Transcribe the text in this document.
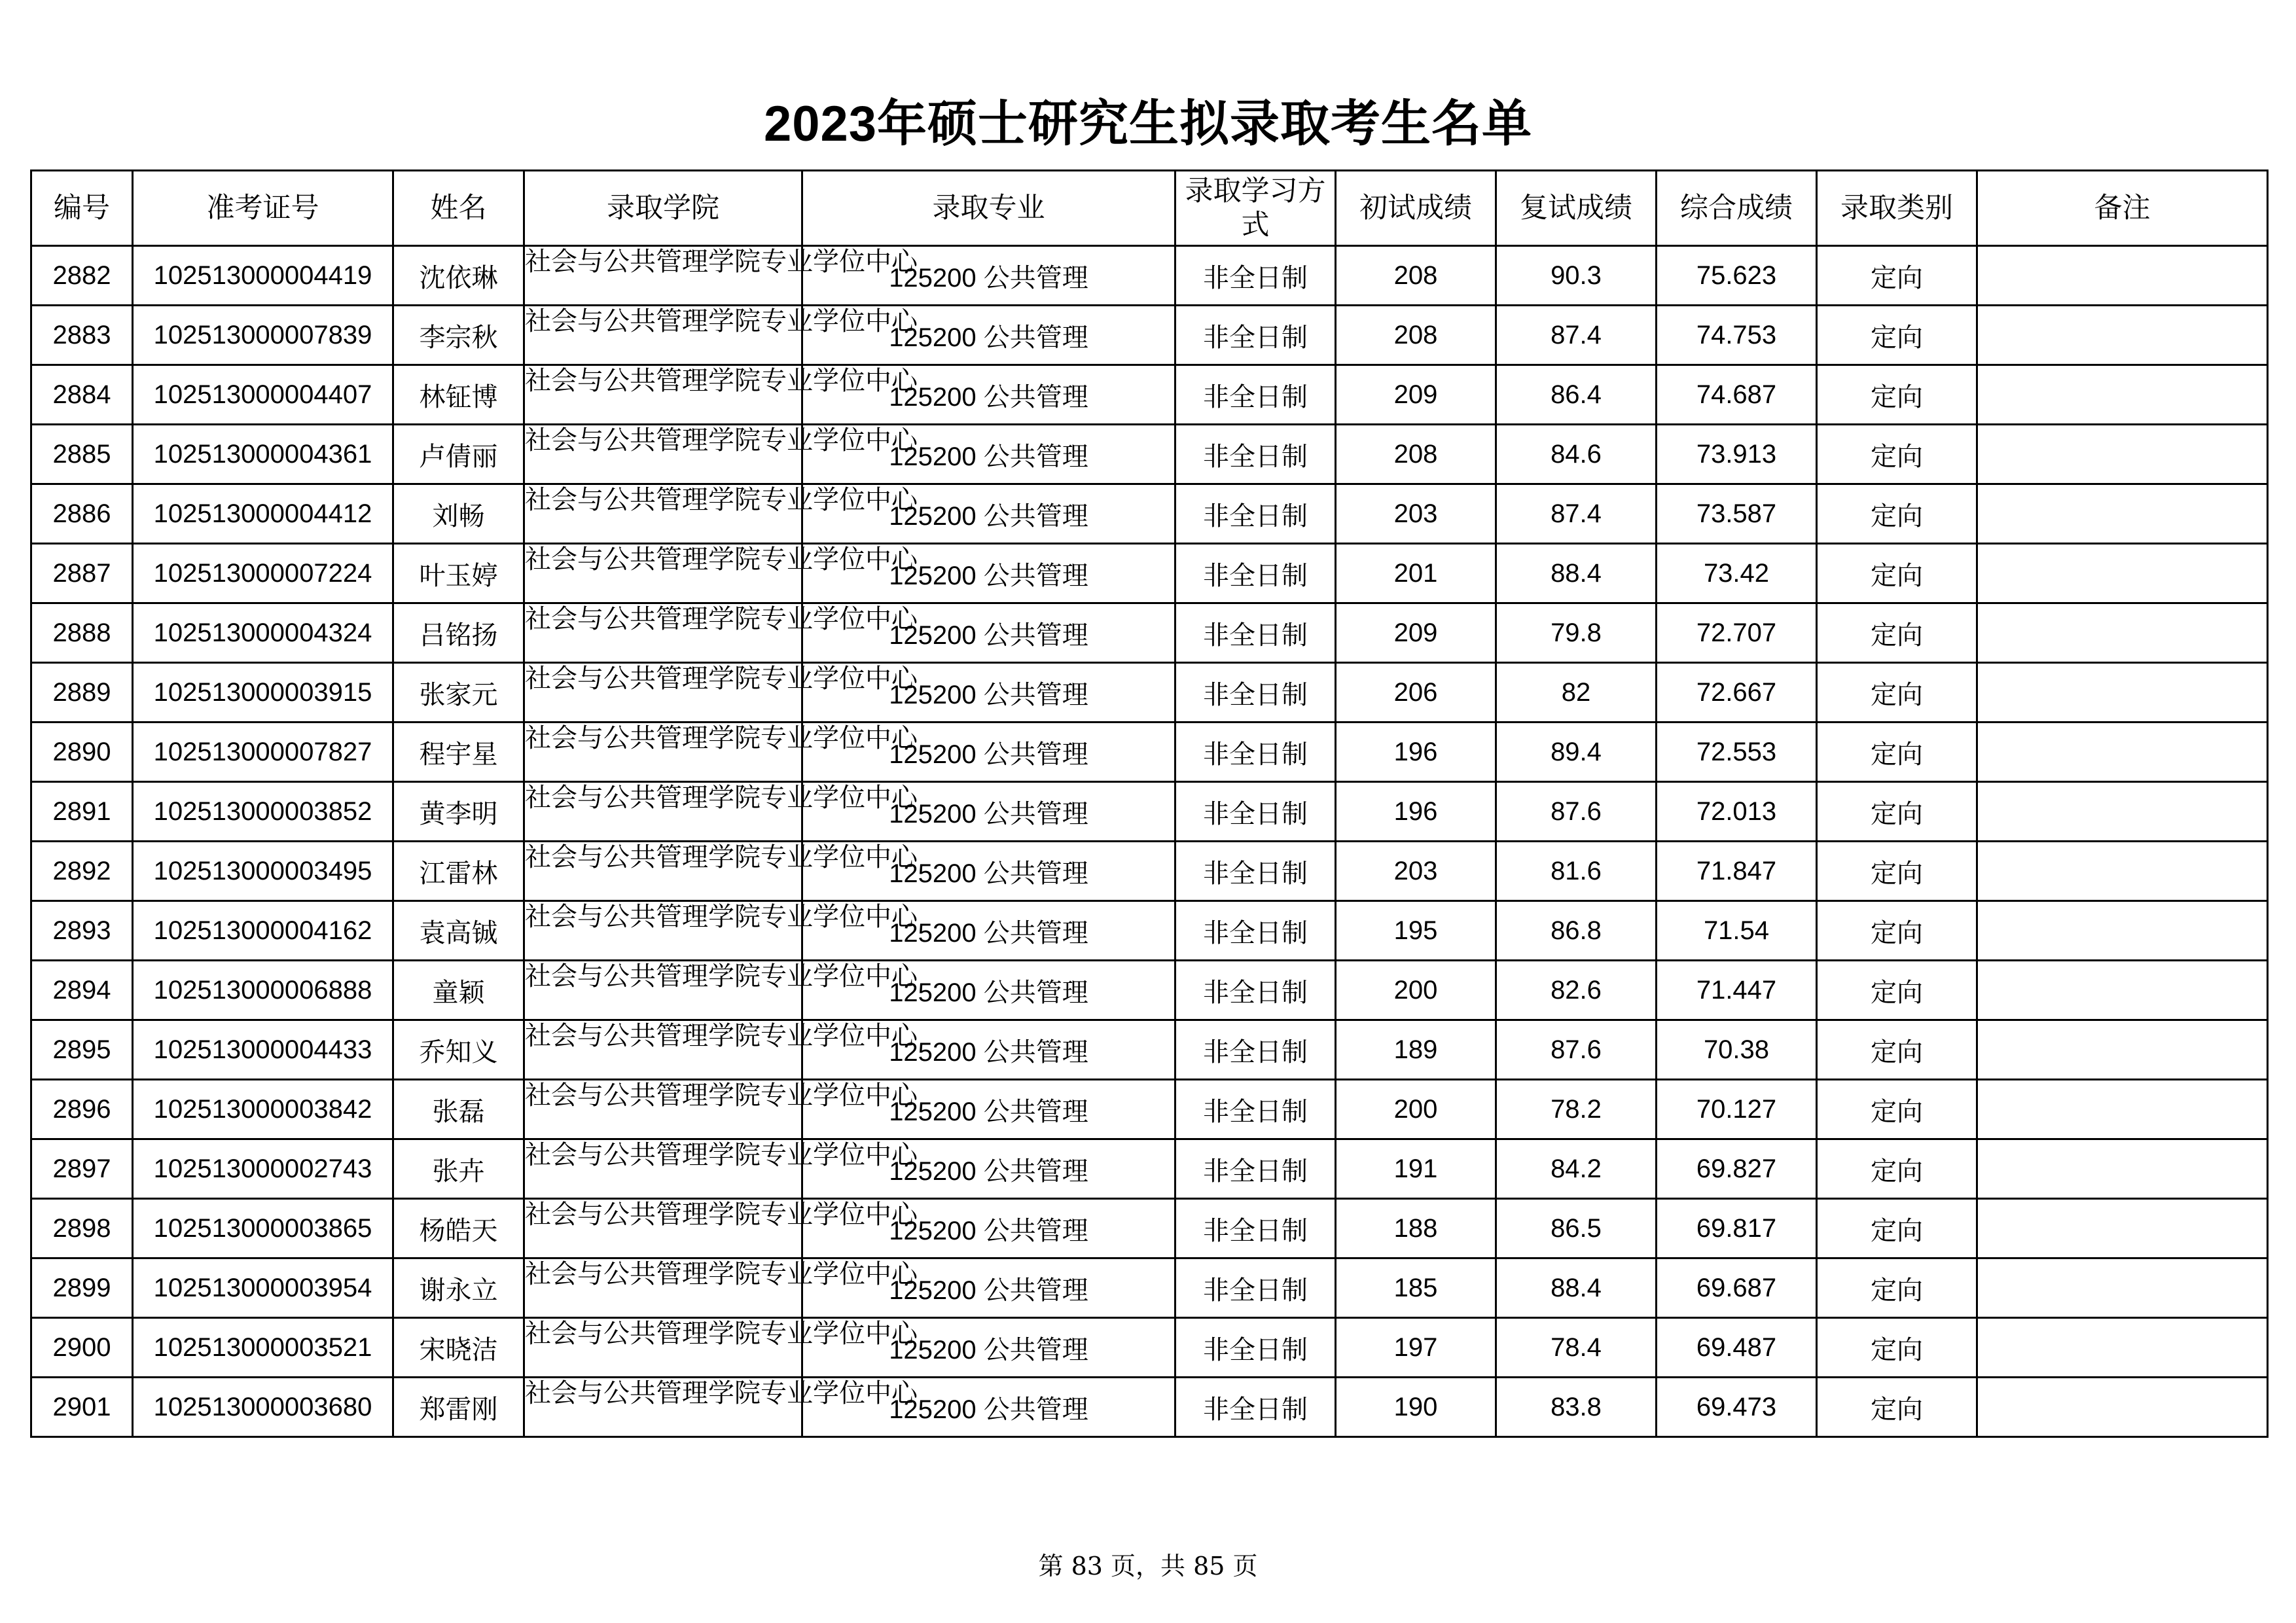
2023年硕士研究生拟录取考生名单
编号	准考证号	姓名	录取学院	录取专业	录取学习方式	初试成绩	复试成绩	综合成绩	录取类别	备注
2882	102513000004419	沈依琳	社会与公共管理学院专业学位中心	125200 公共管理	非全日制	208	90.3	75.623	定向	
2883	102513000007839	李宗秋	社会与公共管理学院专业学位中心	125200 公共管理	非全日制	208	87.4	74.753	定向	
2884	102513000004407	林钲博	社会与公共管理学院专业学位中心	125200 公共管理	非全日制	209	86.4	74.687	定向	
2885	102513000004361	卢倩丽	社会与公共管理学院专业学位中心	125200 公共管理	非全日制	208	84.6	73.913	定向	
2886	102513000004412	刘畅	社会与公共管理学院专业学位中心	125200 公共管理	非全日制	203	87.4	73.587	定向	
2887	102513000007224	叶玉婷	社会与公共管理学院专业学位中心	125200 公共管理	非全日制	201	88.4	73.42	定向	
2888	102513000004324	吕铭扬	社会与公共管理学院专业学位中心	125200 公共管理	非全日制	209	79.8	72.707	定向	
2889	102513000003915	张家元	社会与公共管理学院专业学位中心	125200 公共管理	非全日制	206	82	72.667	定向	
2890	102513000007827	程宇星	社会与公共管理学院专业学位中心	125200 公共管理	非全日制	196	89.4	72.553	定向	
2891	102513000003852	黄李明	社会与公共管理学院专业学位中心	125200 公共管理	非全日制	196	87.6	72.013	定向	
2892	102513000003495	江雷林	社会与公共管理学院专业学位中心	125200 公共管理	非全日制	203	81.6	71.847	定向	
2893	102513000004162	袁高铖	社会与公共管理学院专业学位中心	125200 公共管理	非全日制	195	86.8	71.54	定向	
2894	102513000006888	童颖	社会与公共管理学院专业学位中心	125200 公共管理	非全日制	200	82.6	71.447	定向	
2895	102513000004433	乔知义	社会与公共管理学院专业学位中心	125200 公共管理	非全日制	189	87.6	70.38	定向	
2896	102513000003842	张磊	社会与公共管理学院专业学位中心	125200 公共管理	非全日制	200	78.2	70.127	定向	
2897	102513000002743	张卉	社会与公共管理学院专业学位中心	125200 公共管理	非全日制	191	84.2	69.827	定向	
2898	102513000003865	杨皓天	社会与公共管理学院专业学位中心	125200 公共管理	非全日制	188	86.5	69.817	定向	
2899	102513000003954	谢永立	社会与公共管理学院专业学位中心	125200 公共管理	非全日制	185	88.4	69.687	定向	
2900	102513000003521	宋晓洁	社会与公共管理学院专业学位中心	125200 公共管理	非全日制	197	78.4	69.487	定向	
2901	102513000003680	郑雷刚	社会与公共管理学院专业学位中心	125200 公共管理	非全日制	190	83.8	69.473	定向	
第 83 页，共 85 页
